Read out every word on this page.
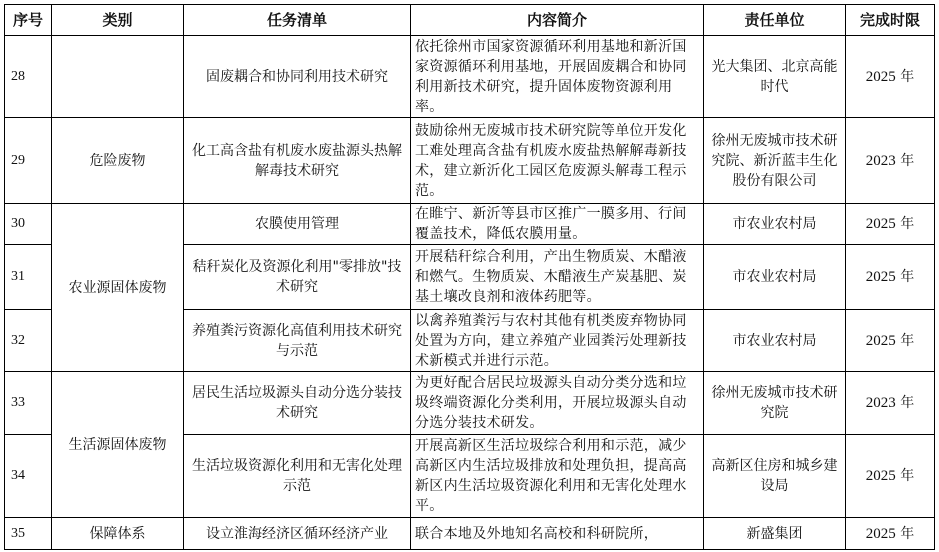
序号	类别	任务清单	内容简介	责任单位	完成时限
28		固废耦合和协同利用技术研究	依托徐州市国家资源循环利用基地和新沂国家资源循环利用基地，开展固废耦合和协同利用新技术研究，提升固体废物资源利用率。	光大集团、北京高能时代	2025 年
29	危险废物	化工高含盐有机废水废盐源头热解解毒技术研究	鼓励徐州无废城市技术研究院等单位开发化工难处理高含盐有机废水废盐热解解毒新技术，建立新沂化工园区危废源头解毒工程示范。	徐州无废城市技术研究院、新沂蓝丰生化股份有限公司	2023 年
30	农业源固体废物	农膜使用管理	在睢宁、新沂等县市区推广一膜多用、行间覆盖技术，降低农膜用量。	市农业农村局	2025 年
31		秸秆炭化及资源化利用"零排放"技术研究	开展秸秆综合利用，产出生物质炭、木醋液和燃气。生物质炭、木醋液生产炭基肥、炭基土壤改良剂和液体药肥等。	市农业农村局	2025 年
32		养殖粪污资源化高值利用技术研究与示范	以禽养殖粪污与农村其他有机类废弃物协同处置为方向，建立养殖产业园粪污处理新技术新模式并进行示范。	市农业农村局	2025 年
33	生活源固体废物	居民生活垃圾源头自动分选分装技术研究	为更好配合居民垃圾源头自动分类分选和垃圾终端资源化分类利用，开展垃圾源头自动分选分装技术研发。	徐州无废城市技术研究院	2023 年
34		生活垃圾资源化利用和无害化处理示范	开展高新区生活垃圾综合利用和示范，减少高新区内生活垃圾排放和处理负担，提高高新区内生活垃圾资源化利用和无害化处理水平。	高新区住房和城乡建设局	2025 年
35	保障体系	设立淮海经济区循环经济产业	联合本地及外地知名高校和科研院所，	新盛集团	2025 年
